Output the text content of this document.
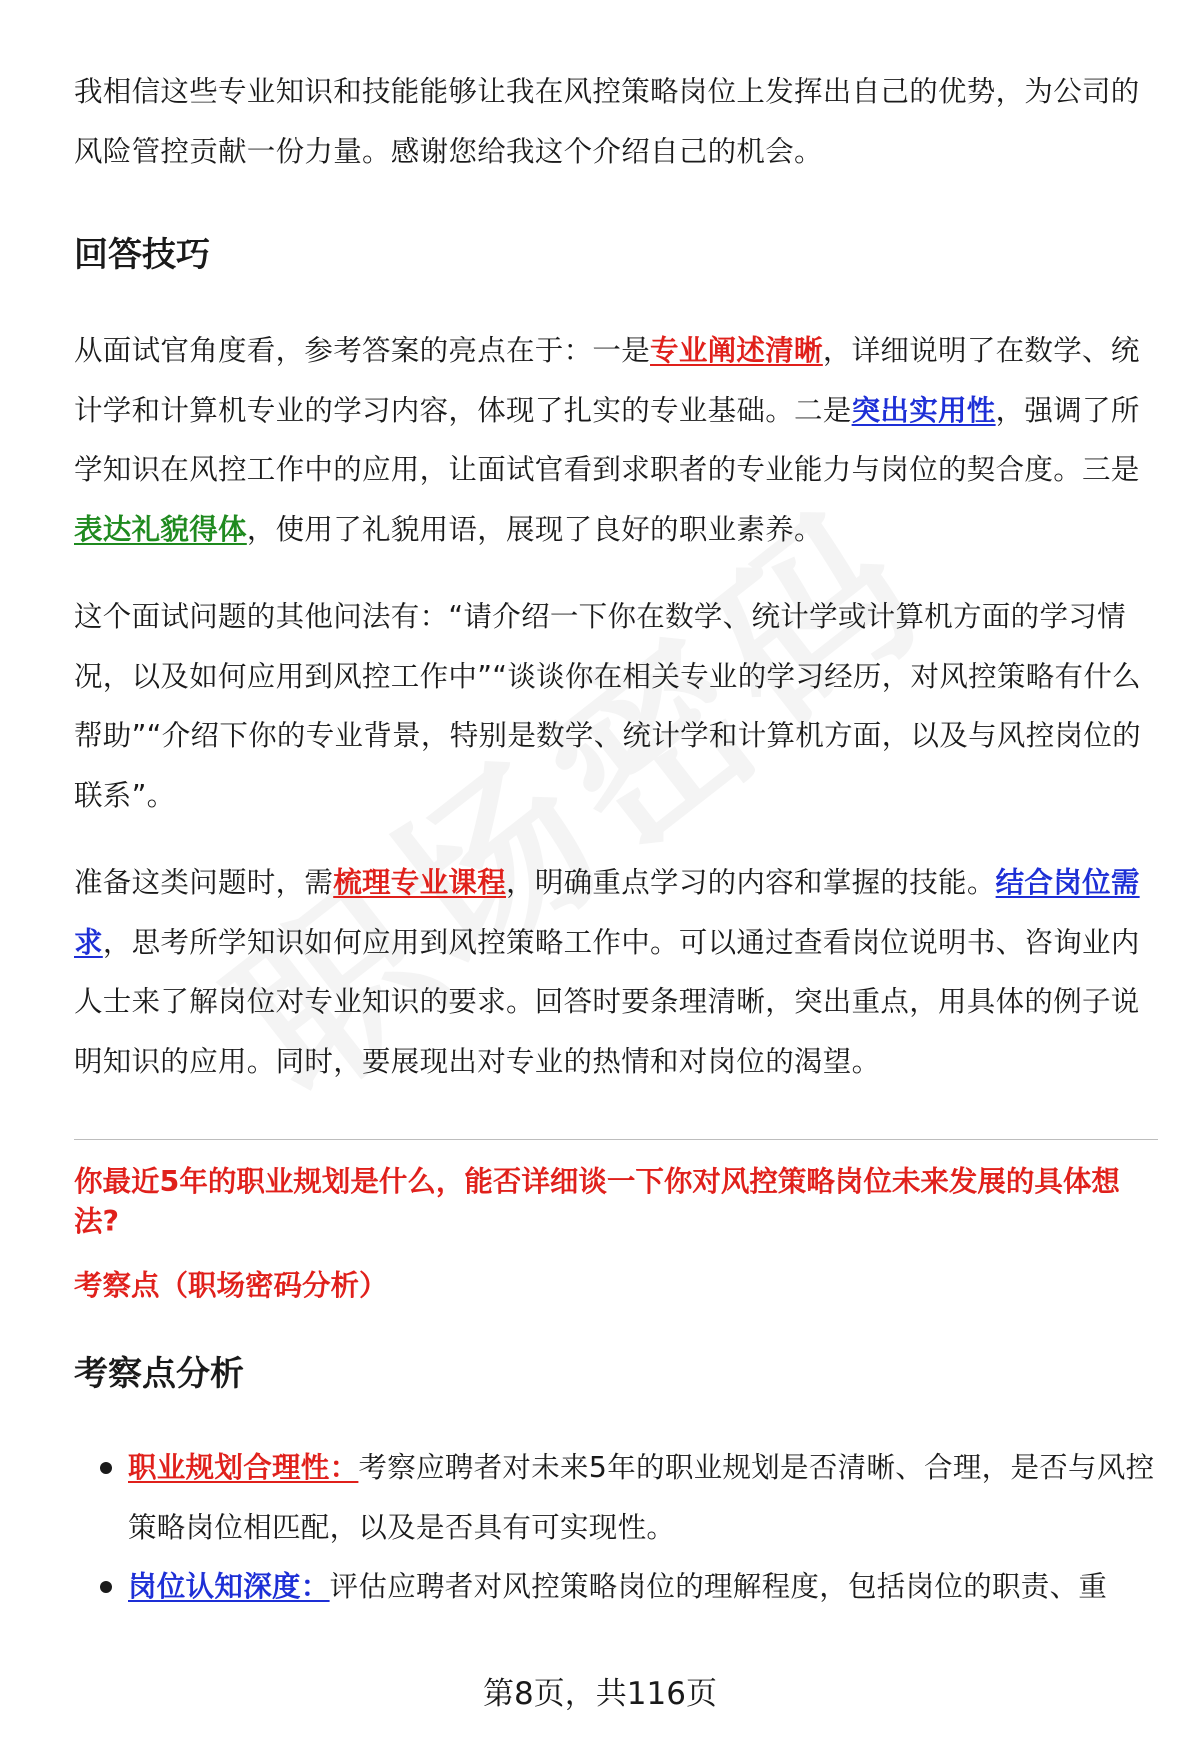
我相信这些专业知识和技能能够让我在风控策略岗位上发挥出自己的优势，为公司的风险管控贡献一份力量。感谢您给我这个介绍自己的机会。

回答技巧

从面试官角度看，参考答案的亮点在于：一是专业阐述清晰，详细说明了在数学、统计学和计算机专业的学习内容，体现了扎实的专业基础。二是突出实用性，强调了所学知识在风控工作中的应用，让面试官看到求职者的专业能力与岗位的契合度。三是表达礼貌得体，使用了礼貌用语，展现了良好的职业素养。

这个面试问题的其他问法有：“请介绍一下你在数学、统计学或计算机方面的学习情况，以及如何应用到风控工作中”“谈谈你在相关专业的学习经历，对风控策略有什么帮助”“介绍下你的专业背景，特别是数学、统计学和计算机方面，以及与风控岗位的联系”。

准备这类问题时，需梳理专业课程，明确重点学习的内容和掌握的技能。结合岗位需求，思考所学知识如何应用到风控策略工作中。可以通过查看岗位说明书、咨询业内人士来了解岗位对专业知识的要求。回答时要条理清晰，突出重点，用具体的例子说明知识的应用。同时，要展现出对专业的热情和对岗位的渴望。

你最近5年的职业规划是什么，能否详细谈一下你对风控策略岗位未来发展的具体想法?

考察点（职场密码分析）

考察点分析
职业规划合理性：考察应聘者对未来5年的职业规划是否清晰、合理，是否与风控策略岗位相匹配，以及是否具有可实现性。
岗位认知深度：评估应聘者对风控策略岗位的理解程度，包括岗位的职责、重
第8页，共116页
